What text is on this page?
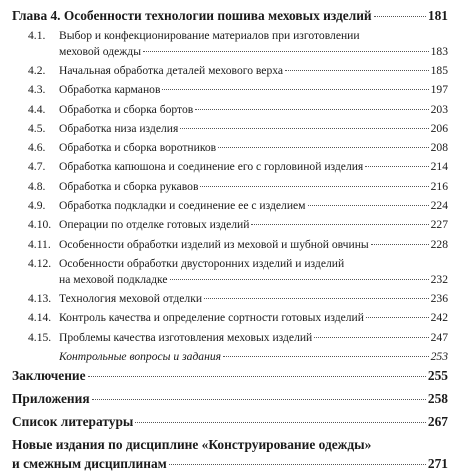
Глава 4. Особенности технологии пошива меховых изделий	181
4.1.	Выбор и конфекционирование материалов при изготовлении
меховой одежды	183
4.2. Начальная обработка деталей мехового верха	185
4.3. Обработка карманов	197
4.4. Обработка и сборка бортов	203
4.5. Обработка низа изделия	206
4.6. Обработка и сборка воротников	208
4.7. Обработка капюшона и соединение его с горловиной изделия	214
4.8. Обработка и сборка рукавов	216
4.9. Обработка подкладки и соединение ее с изделием	224
4.10. Операции по отделке готовых изделий	227
4.11. Особенности обработки изделий из меховой и шубной овчины	228
4.12. Особенности обработки двусторонних изделий и изделий
на меховой подкладке	232
4.13. Технология меховой отделки	236
4.14. Контроль качества и определение сортности готовых изделий	242
4.15. Проблемы качества изготовления меховых изделий	247
Контрольные вопросы и задания	253
Заключение	255
Приложения	258
Список литературы	267
Новые издания по дисциплине «Конструирование одежды»
и смежным дисциплинам	271
